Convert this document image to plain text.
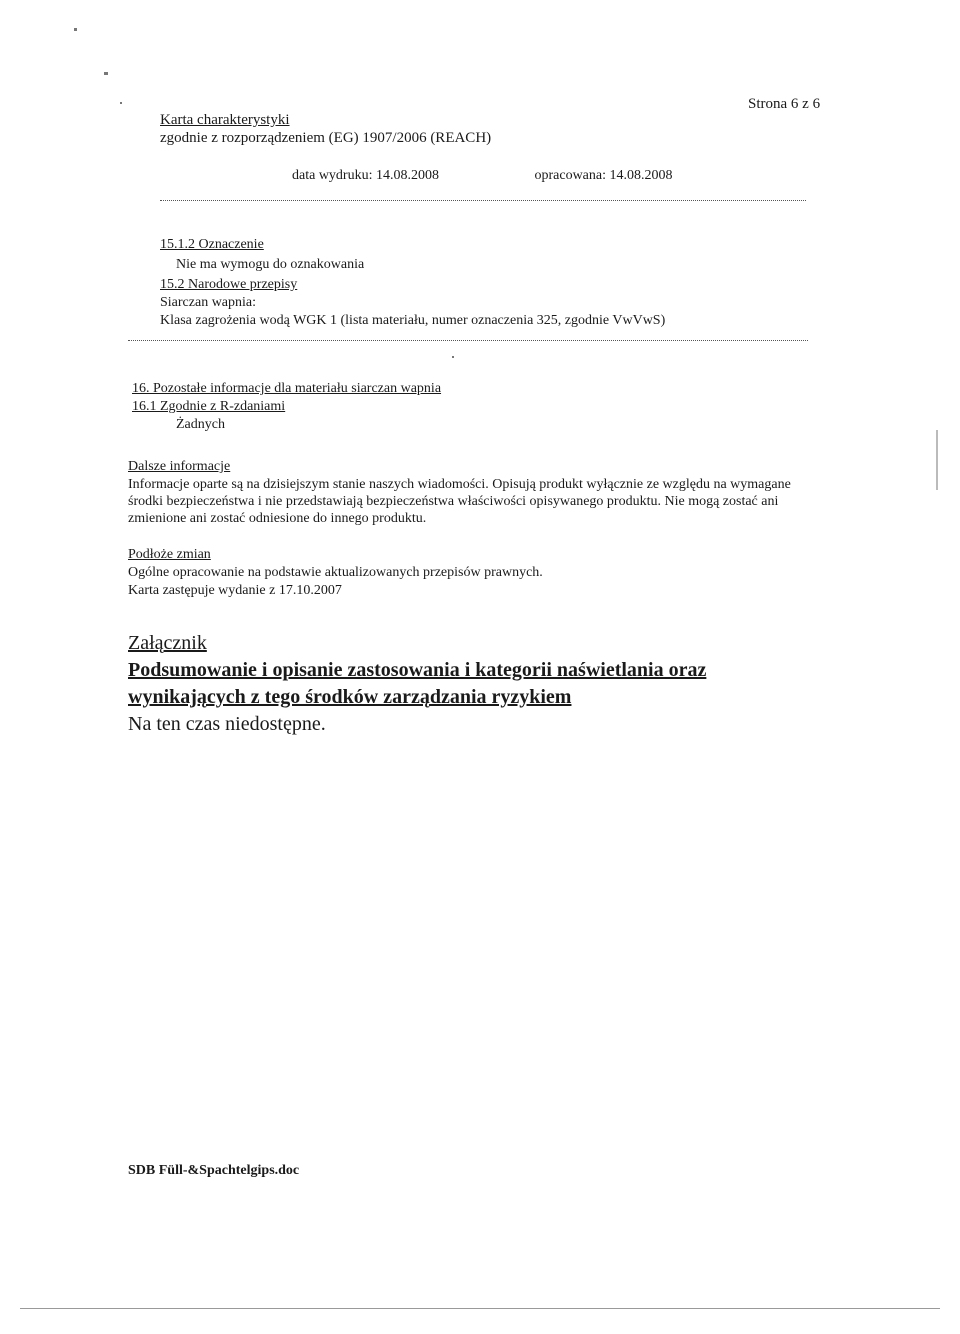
Karta charakterystyki
zgodnie z rozporządzeniem (EG) 1907/2006 (REACH)
Strona 6 z 6
data wydruku: 14.08.2008	opracowana: 14.08.2008
15.1.2 Oznaczenie
Nie ma wymogu do oznakowania
15.2 Narodowe przepisy
Siarczan wapnia:
Klasa zagrożenia wodą WGK 1 (lista materiału, numer oznaczenia 325, zgodnie VwVwS)
16. Pozostałe informacje dla materiału siarczan wapnia
16.1 Zgodnie z R-zdaniami
Żadnych
Dalsze informacje
Informacje oparte są na dzisiejszym stanie naszych wiadomości. Opisują produkt wyłącznie ze względu na wymagane środki bezpieczeństwa i nie przedstawiają bezpieczeństwa właściwości opisywanego produktu. Nie mogą zostać ani zmienione ani zostać odniesione do innego produktu.
Podłoże zmian
Ogólne opracowanie na podstawie aktualizowanych przepisów prawnych.
Karta zastępuje wydanie z 17.10.2007
Załącznik
Podsumowanie i opisanie zastosowania i kategorii naświetlania oraz wynikających z tego środków zarządzania ryzykiem
Na ten czas niedostępne.
SDB Füll-&Spachtelgips.doc
